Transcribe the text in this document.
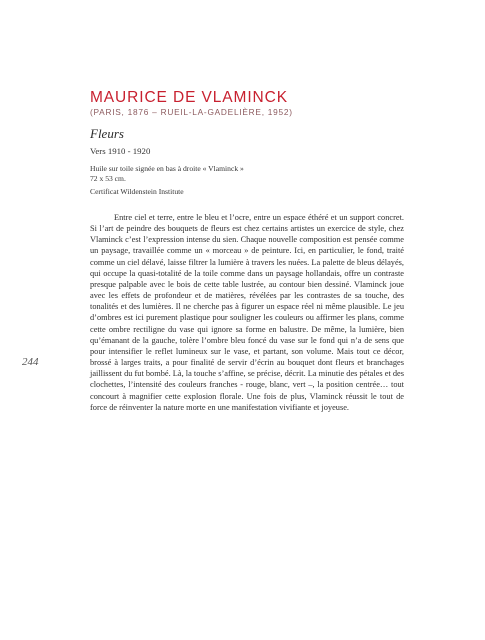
MAURICE DE VLAMINCK
(PARIS, 1876 – RUEIL-LA-GADELIÈRE, 1952)
Fleurs
Vers 1910 - 1920
Huile sur toile signée en bas à droite « Vlaminck »
72 x 53 cm.
Certificat Wildenstein Institute
244

Entre ciel et terre, entre le bleu et l’ocre, entre un espace éthéré et un support concret. Si l’art de peindre des bouquets de fleurs est chez certains artistes un exercice de style, chez Vlaminck c’est l’expression intense du sien. Chaque nouvelle composition est pensée comme un paysage, travaillée comme un « morceau » de peinture. Ici, en particulier, le fond, traité comme un ciel délavé, laisse filtrer la lumière à travers les nuées. La palette de bleus délayés, qui occupe la quasi-totalité de la toile comme dans un paysage hollandais, offre un contraste presque palpable avec le bois de cette table lustrée, au contour bien dessiné. Vlaminck joue avec les effets de profondeur et de matières, révélées par les contrastes de sa touche, des tonalités et des lumières. Il ne cherche pas à figurer un espace réel ni même plausible. Le jeu d’ombres est ici purement plastique pour souligner les couleurs ou affirmer les plans, comme cette ombre rectiligne du vase qui ignore sa forme en balustre. De même, la lumière, bien qu’émanant de la gauche, tolère l’ombre bleu foncé du vase sur le fond qui n’a de sens que pour intensifier le reflet lumineux sur le vase, et partant, son volume. Mais tout ce décor, brossé à larges traits, a pour finalité de servir d’écrin au bouquet dont fleurs et branchages jaillissent du fut bombé. Là, la touche s’affine, se précise, décrit. La minutie des pétales et des clochettes, l’intensité des couleurs franches - rouge, blanc, vert –, la position centrée… tout concourt à magnifier cette explosion florale. Une fois de plus, Vlaminck réussit le tout de force de réinventer la nature morte en une manifestation vivifiante et joyeuse.
